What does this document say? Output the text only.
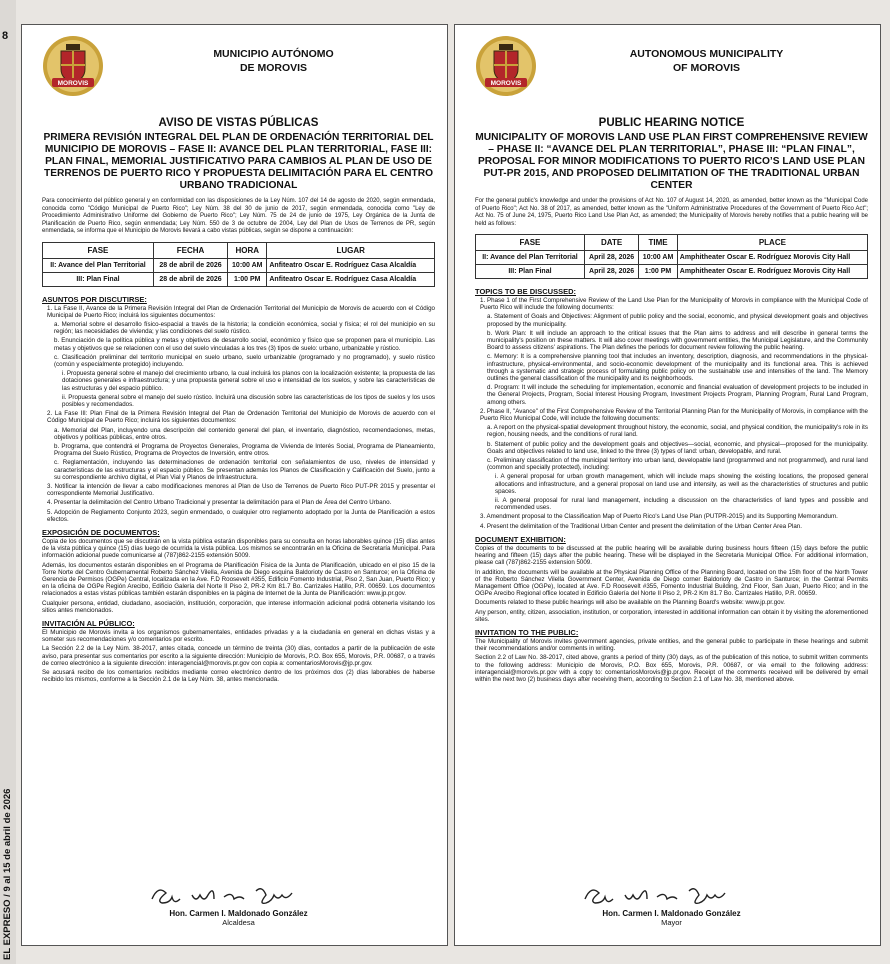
EL EXPRESO / 9 al 15 de abril de 2026
8
MOROVIS
MUNICIPIO AUTÓNOMO
DE MOROVIS
AVISO DE VISTAS PÚBLICAS
PRIMERA REVISIÓN INTEGRAL DEL PLAN DE ORDENACIÓN TERRITORIAL DEL MUNICIPIO DE MOROVIS – FASE II: AVANCE DEL PLAN TERRITORIAL, FASE III: PLAN FINAL, MEMORIAL JUSTIFICATIVO PARA CAMBIOS AL PLAN DE USO DE TERRENOS DE PUERTO RICO Y PROPUESTA DELIMITACIÓN PARA EL CENTRO URBANO TRADICIONAL

Para conocimiento del público general y en conformidad con las disposiciones de la Ley Núm. 107 del 14 de agosto de 2020, según enmendada, conocida como "Código Municipal de Puerto Rico"; Ley Núm. 38 del 30 de junio de 2017, según enmendada, conocida como "Ley de Procedimiento Administrativo Uniforme del Gobierno de Puerto Rico"; Ley Núm. 75 de 24 de junio de 1975, Ley Orgánica de la Junta de Planificación de Puerto Rico, según enmendada; Ley Núm. 550 de 3 de octubre de 2004, Ley del Plan de Usos de Terrenos de PR, según enmendada, se informa que el Municipio de Morovis llevará a cabo vistas públicas, según se dispone a continuación:

FASE	FECHA	HORA	LUGAR
II: Avance del Plan Territorial	28 de abril de 2026	10:00 AM	Anfiteatro Oscar E. Rodríguez Casa Alcaldía
III: Plan Final	28 de abril de 2026	1:00 PM	Anfiteatro Oscar E. Rodríguez Casa Alcaldía
ASUNTOS POR DISCUTIRSE:

1. La Fase II, Avance de la Primera Revisión Integral del Plan de Ordenación Territorial del Municipio de Morovis de acuerdo con el Código Municipal de Puerto Rico; incluirá los siguientes documentos:

a. Memorial sobre el desarrollo físico-espacial a través de la historia; la condición económica, social y física; el rol del municipio en su región; las necesidades de vivienda; y las condiciones del suelo rústico.

b. Enunciación de la política pública y metas y objetivos de desarrollo social, económico y físico que se proponen para el municipio. Las metas y objetivos que se relacionen con el uso del suelo vinculadas a los tres (3) tipos de suelo: urbano, urbanizable y rústico.

c. Clasificación preliminar del territorio municipal en suelo urbano, suelo urbanizable (programado y no programado), y suelo rústico (común y especialmente protegido) incluyendo.

i. Propuesta general sobre el manejo del crecimiento urbano, la cual incluirá los planos con la localización existente; la propuesta de las dotaciones generales e infraestructura; y una propuesta general sobre el uso e intensidad de los suelos, y sobre las características de las estructuras y del espacio público.

ii. Propuesta general sobre el manejo del suelo rústico. Incluirá una discusión sobre las características de los tipos de suelos y los usos posibles y recomendados.

2. La Fase III: Plan Final de la Primera Revisión Integral del Plan de Ordenación Territorial del Municipio de Morovis de acuerdo con el Código Municipal de Puerto Rico; incluirá los siguientes documentos:

a. Memorial del Plan, incluyendo una descripción del contenido general del plan, el inventario, diagnóstico, recomendaciones, metas, objetivos y políticas públicas, entre otros.

b. Programa, que contendrá el Programa de Proyectos Generales, Programa de Vivienda de Interés Social, Programa de Planeamiento, Programa del Suelo Rústico, Programa de Proyectos de Inversión, entre otros.

c. Reglamentación, incluyendo las determinaciones de ordenación territorial con señalamientos de uso, niveles de intensidad y características de las estructuras y el espacio público. Se presentan además los Planos de Clasificación y Calificación del Suelo, junto a su correspondiente archivo digital, el Plan Vial y Planos de Infraestructura.

3. Notificar la intención de llevar a cabo modificaciones menores al Plan de Uso de Terrenos de Puerto Rico PUT-PR 2015 y presentar el correspondiente Memorial Justificativo.

4. Presentar la delimitación del Centro Urbano Tradicional y presentar la delimitación para el Plan de Área del Centro Urbano.

5. Adopción de Reglamento Conjunto 2023, según enmendado, o cualquier otro reglamento adoptado por la Junta de Planificación a estos efectos.

EXPOSICIÓN DE DOCUMENTOS:

Copia de los documentos que se discutirán en la vista pública estarán disponibles para su consulta en horas laborables quince (15) días antes de la vista pública y quince (15) días luego de ocurrida la vista pública. Los mismos se encontrarán en la Oficina de Secretaría Municipal. Para información adicional puede comunicarse al (787)862-2155 extensión 5009.

Además, los documentos estarán disponibles en el Programa de Planificación Física de la Junta de Planificación, ubicado en el piso 15 de la Torre Norte del Centro Gubernamental Roberto Sánchez Vilella, Avenida de Diego esquina Baldorioty de Castro en Santurce; en la Oficina de Gerencia de Permisos (OGPe) Central, localizada en la Ave. F.D Roosevelt #355, Edificio Fomento Industrial, Piso 2, San Juan, Puerto Rico; y en la oficina de OGPe Región Arecibo, Edificio Galería del Norte II Piso 2, PR-2 Km 81.7 Bo. Carrizales Hatillo, P.R. 00659. Los documentos relacionados a estas vistas públicas también estarán disponibles en la página de Internet de la Junta de Planificación: www.jp.pr.gov.

Cualquier persona, entidad, ciudadano, asociación, institución, corporación, que interese información adicional podrá obtenerla visitando los sitios antes mencionados.

INVITACIÓN AL PÚBLICO:

El Municipio de Morovis invita a los organismos gubernamentales, entidades privadas y a la ciudadanía en general en dichas vistas y a someter sus recomendaciones y/o comentarios por escrito.

La Sección 2.2 de la Ley Núm. 38-2017, antes citada, concede un término de treinta (30) días, contados a partir de la publicación de este aviso, para presentar sus comentarios por escrito a la siguiente dirección: Municipio de Morovis, P.O. Box 655, Morovis, P.R. 00687, o a través de correo electrónico a la siguiente dirección: interagencial@morovis.pr.gov con copia a: comentariosMorovis@jp.pr.gov.

Se acusará recibo de los comentarios recibidos mediante correo electrónico dentro de los próximos dos (2) días laborables de haberse recibido los mismos, conforme a la Sección 2.1 de la Ley Núm. 38, antes mencionada.

Hon. Carmen I. Maldonado González
Alcaldesa
MOROVIS
AUTONOMOUS MUNICIPALITY
OF MOROVIS
PUBLIC HEARING NOTICE
MUNICIPALITY OF MOROVIS LAND USE PLAN FIRST COMPREHENSIVE REVIEW – PHASE II: “AVANCE DEL PLAN TERRITORIAL”, PHASE III: “PLAN FINAL”, PROPOSAL FOR MINOR MODIFICATIONS TO PUERTO RICO’S LAND USE PLAN PUT-PR 2015, AND PROPOSED DELIMITATION OF THE TRADITIONAL URBAN CENTER

For the general public's knowledge and under the provisions of Act No. 107 of August 14, 2020, as amended, better known as the "Municipal Code of Puerto Rico"; Act No. 38 of 2017, as amended, better known as the "Uniform Administrative Procedures of the Government of Puerto Rico Act"; Act No. 75 of June 24, 1975, Puerto Rico Land Use Plan Act, as amended; the Municipality of Morovis hereby notifies that a public hearing will be held as follows:

FASE	DATE	TIME	PLACE
II: Avance del Plan Territorial	April 28, 2026	10:00 AM	Amphitheater Oscar E. Rodríguez Morovis City Hall
III: Plan Final	April 28, 2026	1:00 PM	Amphitheater Oscar E. Rodríguez Morovis City Hall
TOPICS TO BE DISCUSSED:

1. Phase 1 of the First Comprehensive Review of the Land Use Plan for the Municipality of Morovis in compliance with the Municipal Code of Puerto Rico will include the following documents:

a. Statement of Goals and Objectives: Alignment of public policy and the social, economic, and physical development goals and objectives proposed by the municipality.

b. Work Plan: It will include an approach to the critical issues that the Plan aims to address and will describe in general terms the municipality's position on these matters. It will also cover meetings with government entities, the Municipal Legislature, and the Community Board to assess citizens' aspirations. The Plan defines the periods for document review following the public hearing.

c. Memory: It is a comprehensive planning tool that includes an inventory, description, diagnosis, and recommendations in the physical-infrastructure, physical-environmental, and socio-economic development of the municipality and its functional area. This is achieved through a systematic and strategic process of formulating public policy on the sustainable use and intensities of the land. The Memory outlines the general classification of the municipality and its neighborhoods.

d. Program: It will include the scheduling for implementation, economic and financial evaluation of development projects to be included in the General Projects, Program, Social Interest Housing Program, Investment Projects Program, Planning Program, Rural Land Program, among others.

2. Phase II, "Avance" of the First Comprehensive Review of the Territorial Planning Plan for the Municipality of Morovis, in compliance with the Puerto Rico Municipal Code, will include the following documents:

a. A report on the physical-spatial development throughout history, the economic, social, and physical condition, the municipality's role in its region, housing needs, and the conditions of rural land.

b. Statement of public policy and the development goals and objectives—social, economic, and physical—proposed for the municipality. Goals and objectives related to land use, linked to the three (3) types of land: urban, developable, and rural.

c. Preliminary classification of the municipal territory into urban land, developable land (programmed and not programmed), and rural land (common and specially protected), including:

i. A general proposal for urban growth management, which will include maps showing the existing locations, the proposed general allocations and infrastructure, and a general proposal on land use and intensity, as well as the characteristics of structures and public spaces.

ii. A general proposal for rural land management, including a discussion on the characteristics of land types and possible and recommended uses.

3. Amendment proposal to the Classification Map of Puerto Rico's Land Use Plan (PUTPR-2015) and its Supporting Memorandum.

4. Present the delimitation of the Traditional Urban Center and present the delimitation of the Urban Center Area Plan.

DOCUMENT EXHIBITION:

Copies of the documents to be discussed at the public hearing will be available during business hours fifteen (15) days before the public hearing and fifteen (15) days after the public hearing. These will be displayed in the Secretaria Municipal Office. For additional information, please call (787)862-2155 extension 5009.

In addition, the documents will be available at the Physical Planning Office of the Planning Board, located on the 15th floor of the North Tower of the Roberto Sánchez Vilella Government Center, Avenida de Diego corner Baldorioty de Castro in Santurce; in the Central Permits Management Office (OGPe), located at Ave. F.D Roosevelt #355, Fomento Industrial Building, 2nd Floor, San Juan, Puerto Rico; and in the OGPe Arecibo Regional office located in Edificio Galería del Norte II Piso 2, PR-2 Km 81.7 Bo. Carrizales Hatillo, P.R. 00659.

Documents related to these public hearings will also be available on the Planning Board's website: www.jp.pr.gov.

Any person, entity, citizen, association, institution, or corporation, interested in additional information can obtain it by visiting the aforementioned sites.

INVITATION TO THE PUBLIC:

The Municipality of Morovis invites government agencies, private entities, and the general public to participate in these hearings and submit their recommendations and/or comments in writing.

Section 2.2 of Law No. 38-2017, cited above, grants a period of thirty (30) days, as of the publication of this notice, to submit written comments to the following address: Municipio de Morovis, P.O. Box 655, Morovis, P.R. 00687, or via email to the following address: interagencial@morovis.pr.gov with a copy to: comentariosMorovis@jp.pr.gov. Receipt of the comments received will be delivered by email within the next two (2) business days after receiving them, according to Section 2.1 of Law No. 38, mentioned above.

Hon. Carmen I. Maldonado González
Mayor
